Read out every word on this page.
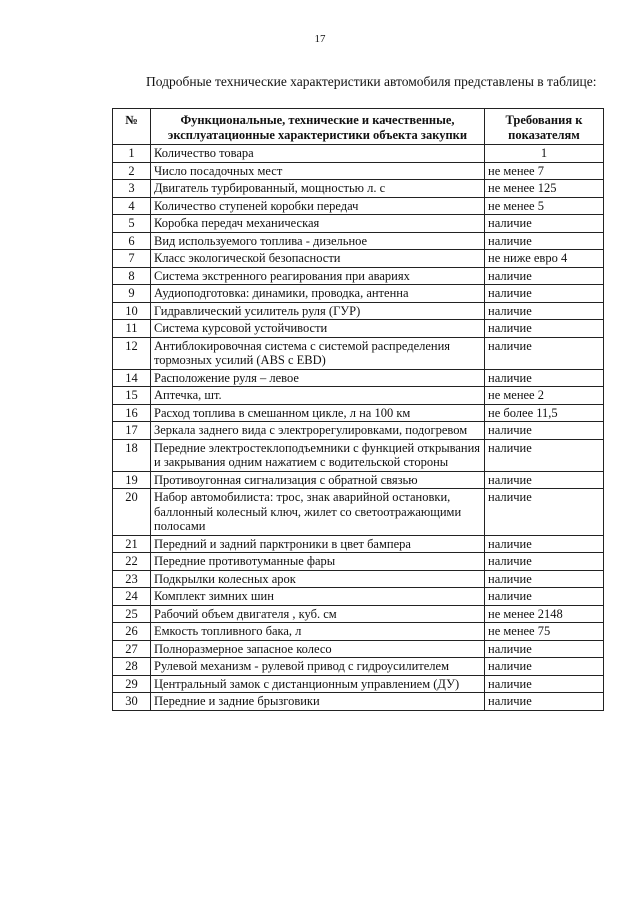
17

Подробные технические характеристики автомобиля представлены в таблице:

№	Функциональные, технические и качественные, эксплуатационные характеристики объекта закупки	Требования к показателям
1	Количество товара	1
2	Число посадочных мест	не менее 7
3	Двигатель турбированный, мощностью л. с	не менее 125
4	Количество ступеней коробки передач	не менее 5
5	Коробка передач механическая	наличие
6	Вид используемого топлива - дизельное	наличие
7	Класс экологической безопасности	не ниже евро 4
8	Система экстренного реагирования при авариях	наличие
9	Аудиоподготовка: динамики, проводка, антенна	наличие
10	Гидравлический усилитель руля (ГУР)	наличие
11	Система курсовой устойчивости	наличие
12	Антиблокировочная система с системой распределения тормозных усилий (ABS с EBD)	наличие
14	Расположение руля – левое	наличие
15	Аптечка, шт.	не менее 2
16	Расход топлива в смешанном цикле, л на 100 км	не более 11,5
17	Зеркала заднего вида с электрорегулировками, подогревом	наличие
18	Передние электростеклоподъемники с функцией открывания и закрывания одним нажатием с водительской стороны	наличие
19	Противоугонная сигнализация с обратной связью	наличие
20	Набор автомобилиста: трос, знак аварийной остановки, баллонный колесный ключ, жилет со светоотражающими полосами	наличие
21	Передний и задний парктроники в цвет бампера	наличие
22	Передние противотуманные фары	наличие
23	Подкрылки колесных арок	наличие
24	Комплект зимних шин	наличие
25	Рабочий объем двигателя , куб. см	не менее 2148
26	Емкость топливного бака, л	не менее 75
27	Полноразмерное запасное колесо	наличие
28	Рулевой механизм - рулевой привод с гидроусилителем	наличие
29	Центральный замок с дистанционным управлением (ДУ)	наличие
30	Передние и задние брызговики	наличие
